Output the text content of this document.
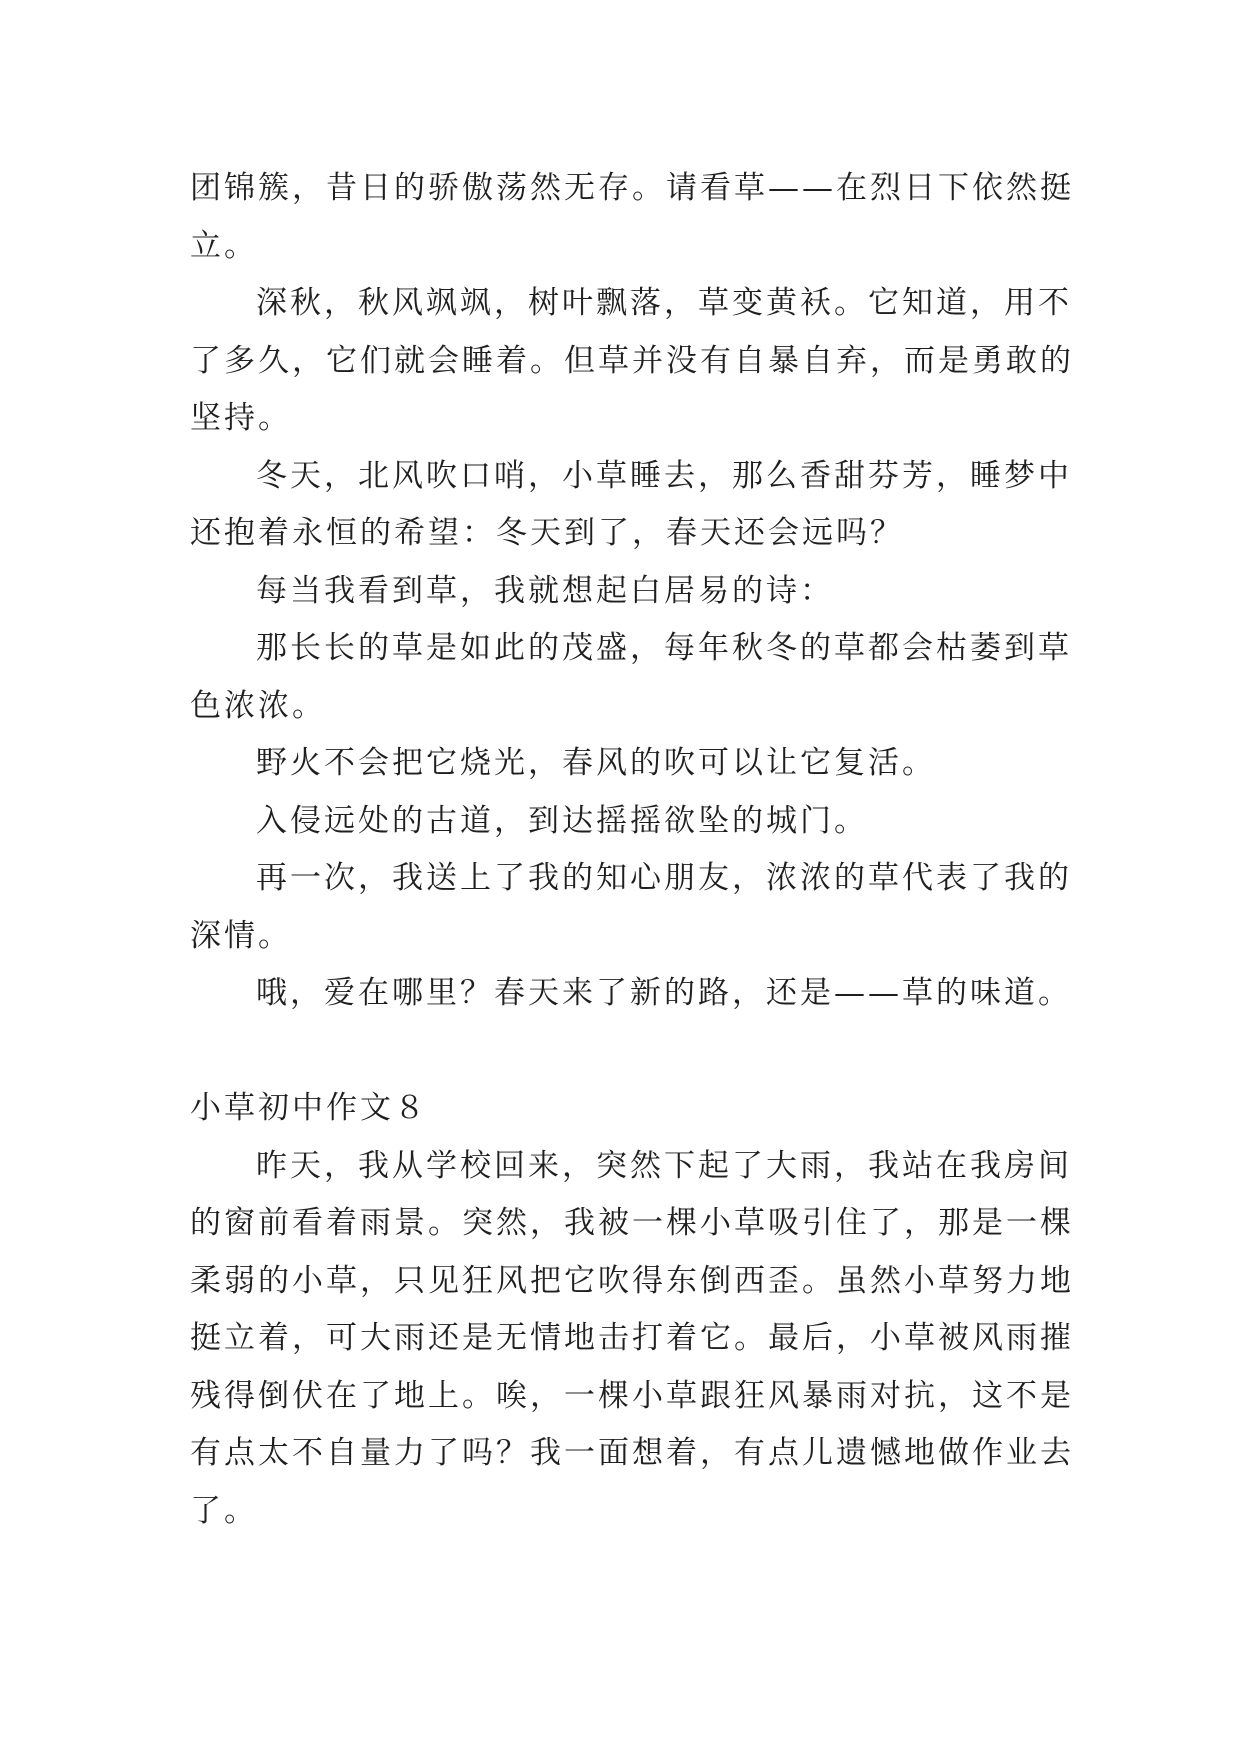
团锦簇，昔日的骄傲荡然无存。请看草——在烈日下依然挺
立。
深秋，秋风飒飒，树叶飘落，草变黄袄。它知道，用不
了多久，它们就会睡着。但草并没有自暴自弃，而是勇敢的
坚持。
冬天，北风吹口哨，小草睡去，那么香甜芬芳，睡梦中
还抱着永恒的希望：冬天到了，春天还会远吗？
每当我看到草，我就想起白居易的诗：
那长长的草是如此的茂盛，每年秋冬的草都会枯萎到草
色浓浓。
野火不会把它烧光，春风的吹可以让它复活。
入侵远处的古道，到达摇摇欲坠的城门。
再一次，我送上了我的知心朋友，浓浓的草代表了我的
深情。
哦，爱在哪里？春天来了新的路，还是——草的味道。
小草初中作文８
昨天，我从学校回来，突然下起了大雨，我站在我房间
的窗前看着雨景。突然，我被一棵小草吸引住了，那是一棵
柔弱的小草，只见狂风把它吹得东倒西歪。虽然小草努力地
挺立着，可大雨还是无情地击打着它。最后，小草被风雨摧
残得倒伏在了地上。唉，一棵小草跟狂风暴雨对抗，这不是
有点太不自量力了吗？我一面想着，有点儿遗憾地做作业去
了。
